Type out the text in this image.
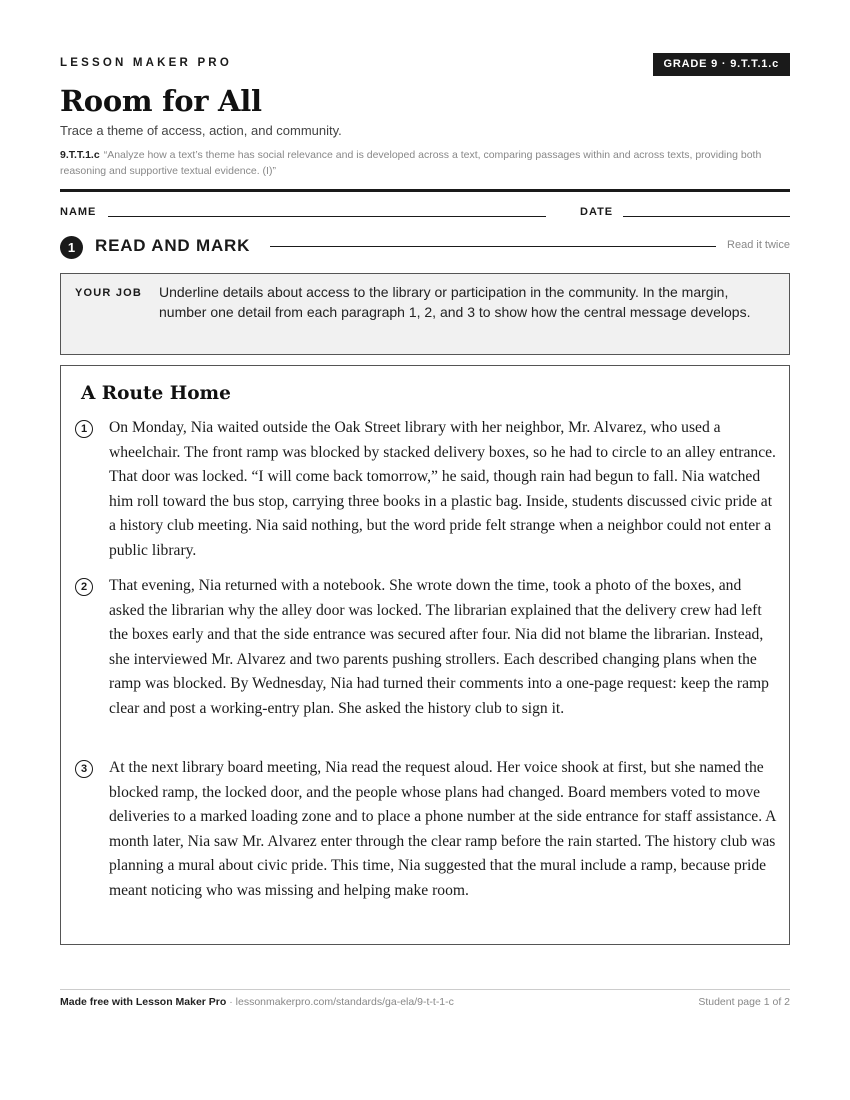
LESSON MAKER PRO	GRADE 9 · 9.T.T.1.c
Room for All
Trace a theme of access, action, and community.
9.T.T.1.c “Analyze how a text’s theme has social relevance and is developed across a text, comparing passages within and across texts, providing both reasoning and supportive textual evidence. (I)”
NAME	DATE
1	READ AND MARK	Read it twice
YOUR JOB Underline details about access to the library or participation in the community. In the margin, number one detail from each paragraph 1, 2, and 3 to show how the central message develops.
A Route Home
1	On Monday, Nia waited outside the Oak Street library with her neighbor, Mr. Alvarez, who used a wheelchair. The front ramp was blocked by stacked delivery boxes, so he had to circle to an alley entrance. That door was locked. “I will come back tomorrow,” he said, though rain had begun to fall. Nia watched him roll toward the bus stop, carrying three books in a plastic bag. Inside, students discussed civic pride at a history club meeting. Nia said nothing, but the word pride felt strange when a neighbor could not enter a public library.

2	That evening, Nia returned with a notebook. She wrote down the time, took a photo of the boxes, and asked the librarian why the alley door was locked. The librarian explained that the delivery crew had left the boxes early and that the side entrance was secured after four. Nia did not blame the librarian. Instead, she interviewed Mr. Alvarez and two parents pushing strollers. Each described changing plans when the ramp was blocked. By Wednesday, Nia had turned their comments into a one-page request: keep the ramp clear and post a working-entry plan. She asked the history club to sign it.

3	At the next library board meeting, Nia read the request aloud. Her voice shook at first, but she named the blocked ramp, the locked door, and the people whose plans had changed. Board members voted to move deliveries to a marked loading zone and to place a phone number at the side entrance for staff assistance. A month later, Nia saw Mr. Alvarez enter through the clear ramp before the rain started. The history club was planning a mural about civic pride. This time, Nia suggested that the mural include a ramp, because pride meant noticing who was missing and helping make room.

Made free with Lesson Maker Pro · lessonmakerpro.com/standards/ga-ela/9-t-t-1-c	Student page 1 of 2
